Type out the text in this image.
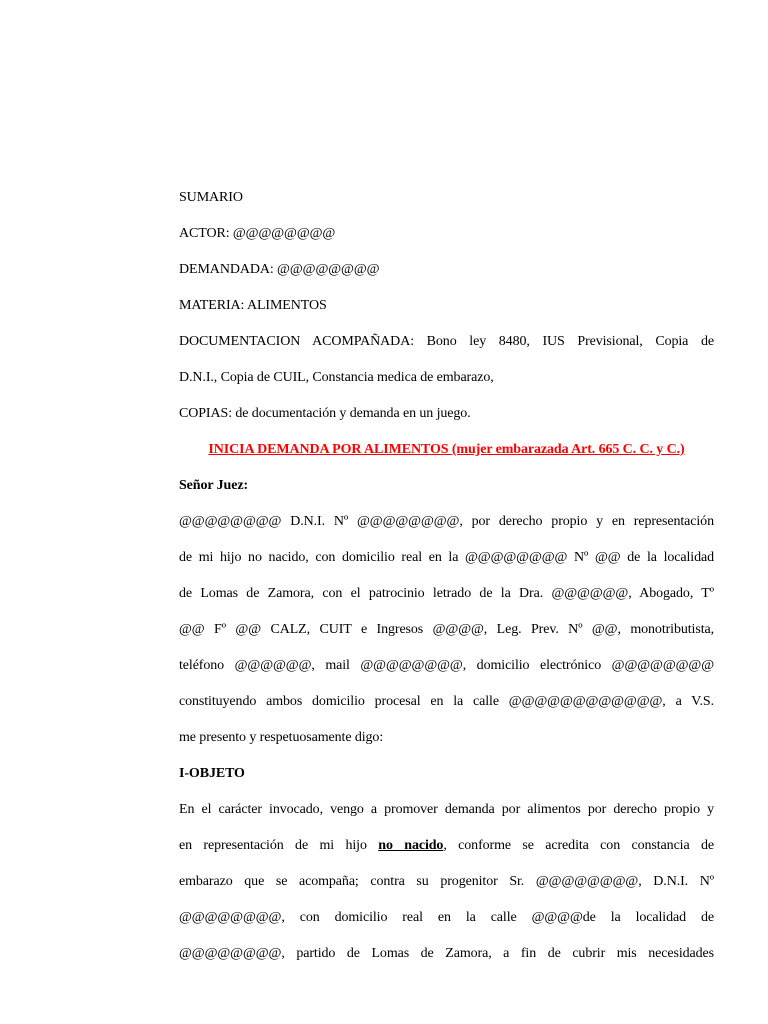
SUMARIO
ACTOR: @@@@@@@@
DEMANDADA: @@@@@@@@
MATERIA: ALIMENTOS
DOCUMENTACION ACOMPAÑADA: Bono ley 8480, IUS Previsional, Copia de
D.N.I., Copia de CUIL, Constancia medica de embarazo,
COPIAS: de documentación y demanda en un juego.
INICIA DEMANDA POR ALIMENTOS (mujer embarazada Art. 665 C. C. y C.)
Señor Juez:
@@@@@@@@ D.N.I. Nº @@@@@@@@, por derecho propio y en representación
de mi hijo no nacido, con domicilio real en la @@@@@@@@ Nº @@ de la localidad
de Lomas de Zamora, con el patrocinio letrado de la Dra. @@@@@@, Abogado, Tº
@@ Fº @@ CALZ, CUIT e Ingresos @@@@, Leg. Prev. Nº @@, monotributista,
teléfono @@@@@@, mail @@@@@@@@, domicilio electrónico @@@@@@@@
constituyendo ambos domicilio procesal en la calle @@@@@@@@@@@@, a V.S.
me presento y respetuosamente digo:
I-OBJETO
En el carácter invocado, vengo a promover demanda por alimentos por derecho propio y
en representación de mi hijo no nacido, conforme se acredita con constancia de
embarazo que se acompaña; contra su progenitor Sr. @@@@@@@@, D.N.I. Nº
@@@@@@@@, con domicilio real en la calle @@@@de la localidad de
@@@@@@@@, partido de Lomas de Zamora, a fin de cubrir mis necesidades
